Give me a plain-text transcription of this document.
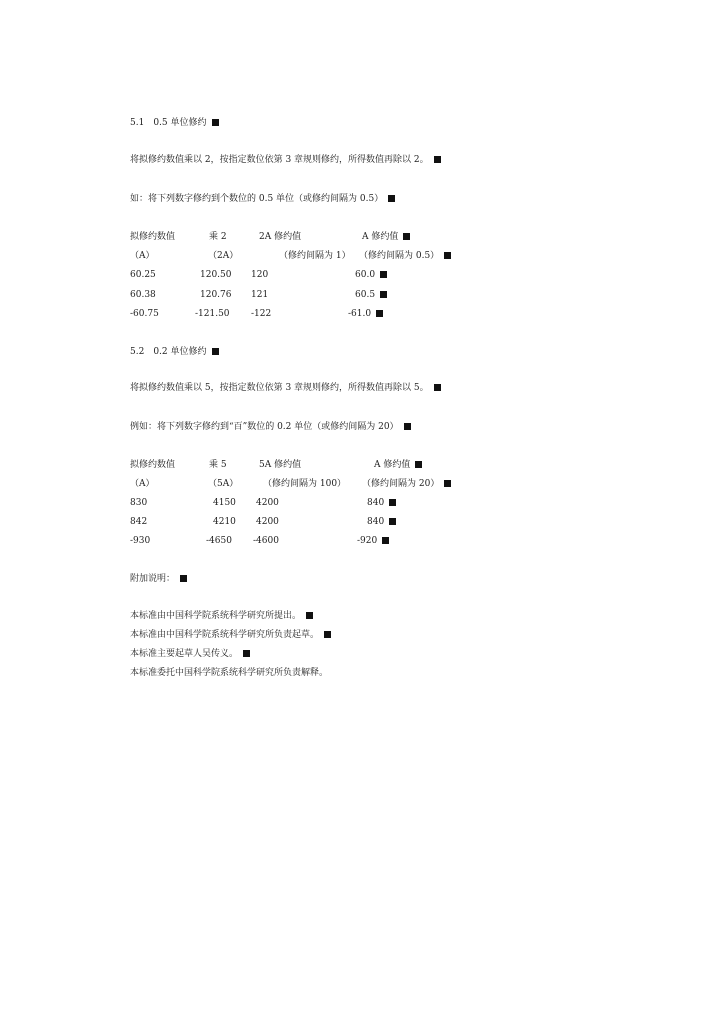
5.1　0.5 单位修约
将拟修约数值乘以 2，按指定数位依第 3 章规则修约，所得数值再除以 2。
如：将下列数字修约到个数位的 0.5 单位（或修约间隔为 0.5）
拟修约数值	乘 2	2A 修约值	A 修约值
（A）	（2A）	（修约间隔为 1） （修约间隔为 0.5）
60.25	120.50 120	60.0
60.38	120.76 121	60.5
-60.75	-121.50 -122	-61.0
5.2　0.2 单位修约
将拟修约数值乘以 5，按指定数位依第 3 章规则修约，所得数值再除以 5。
例如：将下列数字修约到“百”数位的 0.2 单位（或修约间隔为 20）
拟修约数值	乘 5	5A 修约值	A 修约值
（A）	（5A）	（修约间隔为 100） （修约间隔为 20）
830	4150 4200	840
842	4210 4200	840
-930	-4650 -4600	-920
附加说明：
本标准由中国科学院系统科学研究所提出。
本标准由中国科学院系统科学研究所负责起草。
本标准主要起草人吴传义。
本标准委托中国科学院系统科学研究所负责解释。
